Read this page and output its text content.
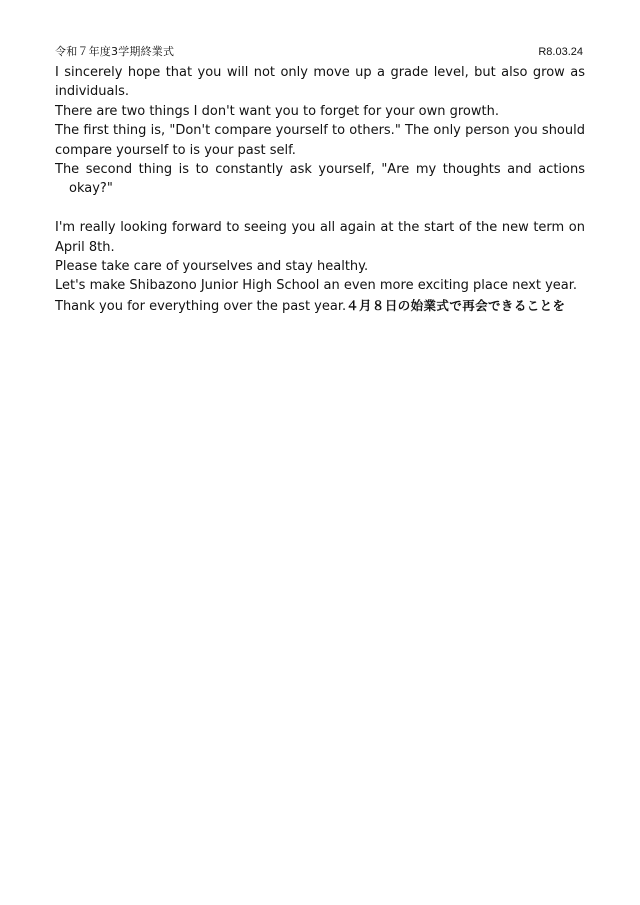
令和７年度3学期終業式	R8.03.24

I sincerely hope that you will not only move up a grade level, but also grow as individuals.

There are two things I don't want you to forget for your own growth.

The first thing is, "Don't compare yourself to others." The only person you should compare yourself to is your past self.

The second thing is to constantly ask yourself, "Are my thoughts and actions okay?"

I'm really looking forward to seeing you all again at the start of the new term on April 8th.

Please take care of yourselves and stay healthy.

Let's make Shibazono Junior High School an even more exciting place next year.

Thank you for everything over the past year.４月８日の始業式で再会できることを
